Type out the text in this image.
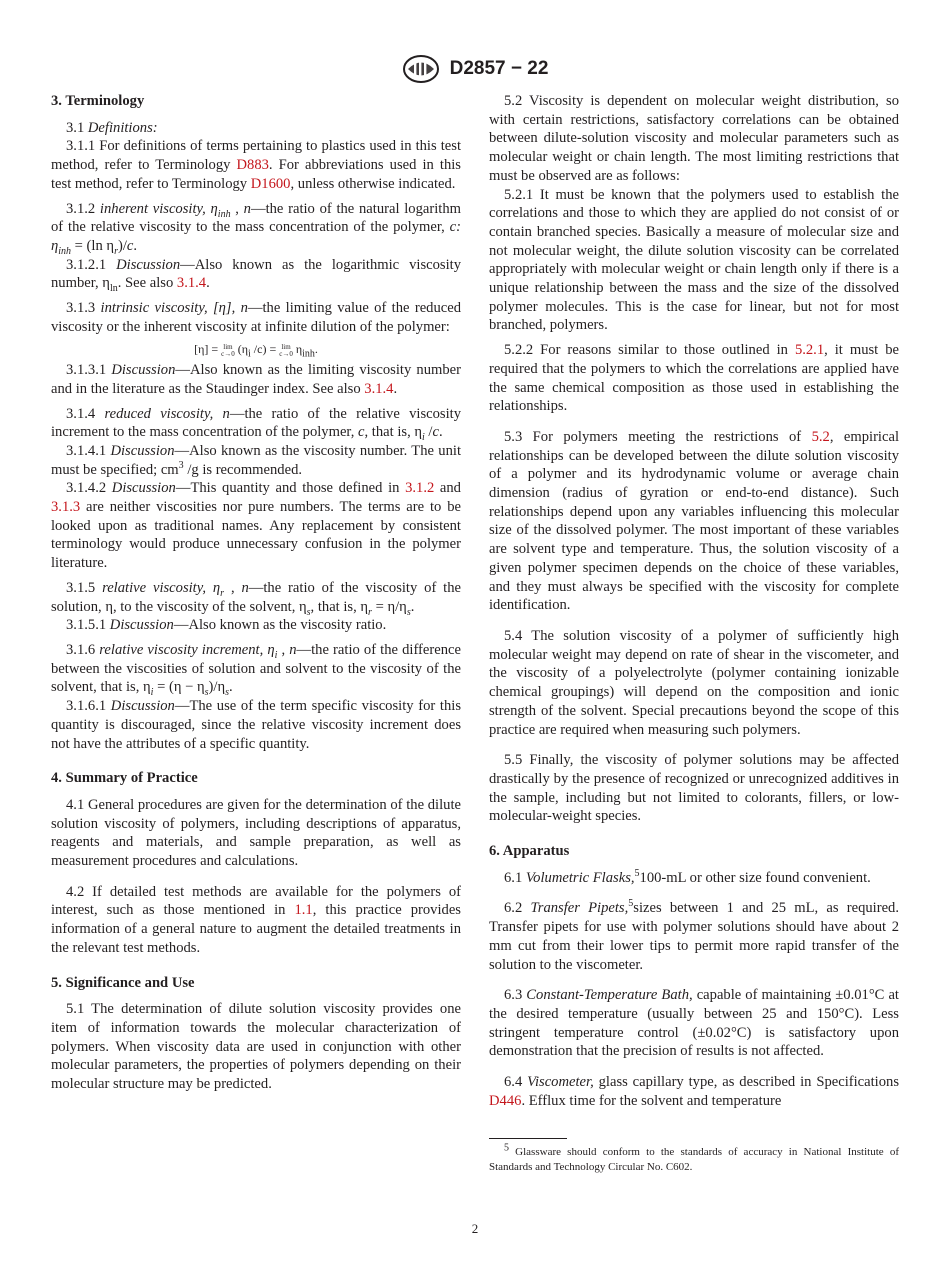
D2857 − 22
3. Terminology

3.1 Definitions:

3.1.1 For definitions of terms pertaining to plastics used in this test method, refer to Terminology D883. For abbreviations used in this test method, refer to Terminology D1600, unless otherwise indicated.

3.1.2 inherent viscosity, $\eta_{inh}$ , n—the ratio of the natural logarithm of the relative viscosity to the mass concentration of the polymer, c: $\eta_{inh} = (\ln$ $\eta_r)/c$.

3.1.2.1 Discussion—Also known as the logarithmic viscosity number, $\eta_{ln}$. See also 3.1.4.

3.1.3 intrinsic viscosity, [η], n—the limiting value of the reduced viscosity or the inherent viscosity at infinite dilution of the polymer:

[η] = lim
c→0 ($\eta_i$ /c) = lim
c→0 $\eta_{inh}$.

3.1.3.1 Discussion—Also known as the limiting viscosity number and in the literature as the Staudinger index. See also 3.1.4.

3.1.4 reduced viscosity, n—the ratio of the relative viscosity increment to the mass concentration of the polymer, c, that is, $\eta_i$ /c.

3.1.4.1 Discussion—Also known as the viscosity number. The unit must be specified; $cm^3$ /g is recommended.

3.1.4.2 Discussion—This quantity and those defined in 3.1.2 and 3.1.3 are neither viscosities nor pure numbers. The terms are to be looked upon as traditional names. Any replacement by consistent terminology would produce unnecessary confusion in the polymer literature.

3.1.5 relative viscosity, $\eta_r$ , n—the ratio of the viscosity of the solution, η, to the viscosity of the solvent, $\eta_s$, that is, $\eta_r = \eta/\eta_s$.

3.1.5.1 Discussion—Also known as the viscosity ratio.

3.1.6 relative viscosity increment, $\eta_i$ , n—the ratio of the difference between the viscosities of solution and solvent to the viscosity of the solvent, that is, $\eta_i = (\eta - \eta_s)/\eta_s$.

3.1.6.1 Discussion—The use of the term specific viscosity for this quantity is discouraged, since the relative viscosity increment does not have the attributes of a specific quantity.

4. Summary of Practice

4.1 General procedures are given for the determination of the dilute solution viscosity of polymers, including descriptions of apparatus, reagents and materials, and sample preparation, as well as measurement procedures and calculations.

4.2 If detailed test methods are available for the polymers of interest, such as those mentioned in 1.1, this practice provides information of a general nature to augment the detailed treatments in the relevant test methods.

5. Significance and Use

5.1 The determination of dilute solution viscosity provides one item of information towards the molecular characterization of polymers. When viscosity data are used in conjunction with other molecular parameters, the properties of polymers depending on their molecular structure may be predicted.

5.2 Viscosity is dependent on molecular weight distribution, so with certain restrictions, satisfactory correlations can be obtained between dilute-solution viscosity and molecular parameters such as molecular weight or chain length. The most limiting restrictions that must be observed are as follows:

5.2.1 It must be known that the polymers used to establish the correlations and those to which they are applied do not consist of or contain branched species. Basically a measure of molecular size and not molecular weight, the dilute solution viscosity can be correlated appropriately with molecular weight or chain length only if there is a unique relationship between the mass and the size of the dissolved polymer molecules. This is the case for linear, but not for most branched, polymers.

5.2.2 For reasons similar to those outlined in 5.2.1, it must be required that the polymers to which the correlations are applied have the same chemical composition as those used in establishing the relationships.

5.3 For polymers meeting the restrictions of 5.2, empirical relationships can be developed between the dilute solution viscosity of a polymer and its hydrodynamic volume or average chain dimension (radius of gyration or end-to-end distance). Such relationships depend upon any variables influencing this molecular size of the dissolved polymer. The most important of these variables are solvent type and temperature. Thus, the solution viscosity of a given polymer specimen depends on the choice of these variables, and they must always be specified with the viscosity for complete identification.

5.4 The solution viscosity of a polymer of sufficiently high molecular weight may depend on rate of shear in the viscometer, and the viscosity of a polyelectrolyte (polymer containing ionizable chemical groupings) will depend on the composition and ionic strength of the solvent. Special precautions beyond the scope of this practice are required when measuring such polymers.

5.5 Finally, the viscosity of polymer solutions may be affected drastically by the presence of recognized or unrecognized additives in the sample, including but not limited to colorants, fillers, or low-molecular-weight species.

6. Apparatus

6.1 Volumetric Flasks,$^5$100-mL or other size found convenient.

6.2 Transfer Pipets,$^5$sizes between 1 and 25 mL, as required. Transfer pipets for use with polymer solutions should have about 2 mm cut from their lower tips to permit more rapid transfer of the solution to the viscometer.

6.3 Constant-Temperature Bath, capable of maintaining ±0.01°C at the desired temperature (usually between 25 and 150°C). Less stringent temperature control (±0.02°C) is satisfactory upon demonstration that the precision of results is not affected.

6.4 Viscometer, glass capillary type, as described in Specifications D446. Efflux time for the solvent and temperature

$^5$ Glassware should conform to the standards of accuracy in National Institute of Standards and Technology Circular No. C602.

2
